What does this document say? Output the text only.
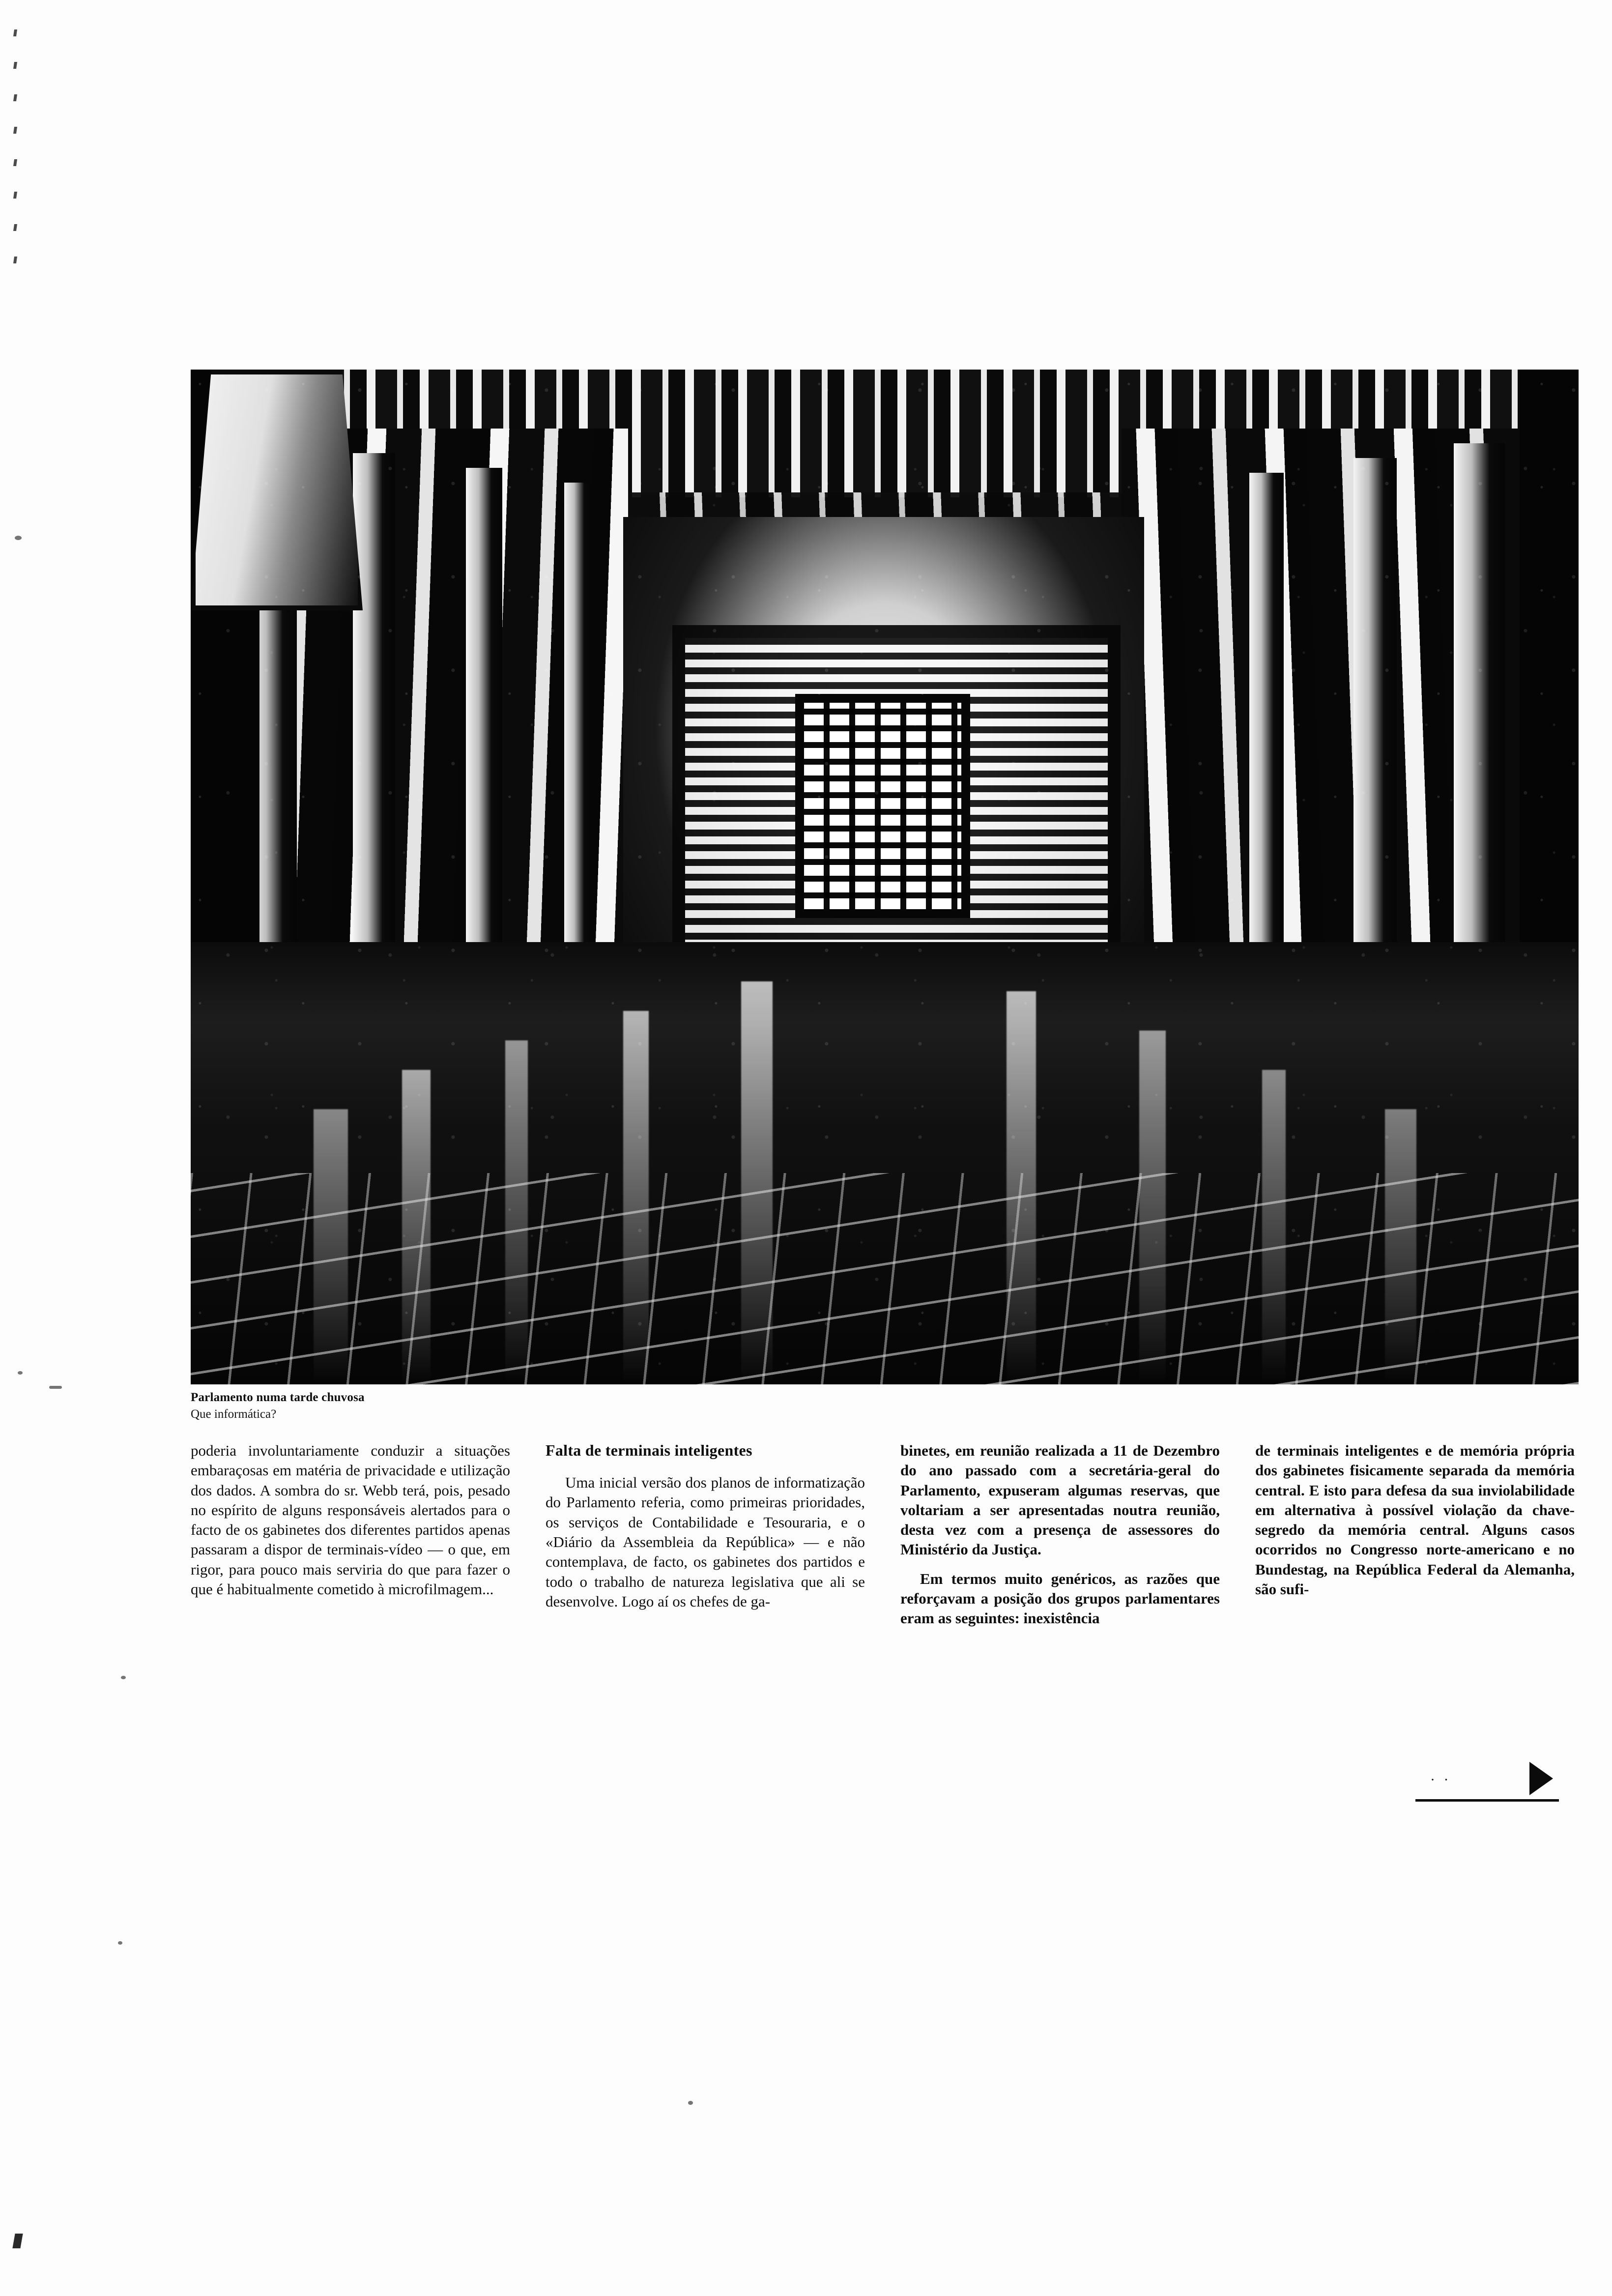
Parlamento numa tarde chuvosa
Que informática?

poderia involuntariamente conduzir a situações embaraçosas em matéria de privacidade e utilização dos dados. A sombra do sr. Webb terá, pois, pesado no espírito de alguns responsáveis alertados para o facto de os gabinetes dos diferentes partidos apenas passaram a dispor de terminais-vídeo — o que, em rigor, para pouco mais serviria do que para fazer o que é habitualmente cometido à microfilmagem...

Falta de terminais inteligentes

Uma inicial versão dos planos de informatização do Parlamento referia, como primeiras prioridades, os serviços de Contabilidade e Tesouraria, e o «Diário da Assembleia da República» — e não contemplava, de facto, os gabinetes dos partidos e todo o trabalho de natureza legislativa que ali se desenvolve. Logo aí os chefes de ga-

binetes, em reunião realizada a 11 de Dezembro do ano passado com a secretária-geral do Parlamento, expuseram algumas reservas, que voltariam a ser apresentadas noutra reunião, desta vez com a presença de assessores do Ministério da Justiça.

Em termos muito genéricos, as razões que reforçavam a posição dos grupos parlamentares eram as seguintes: inexistência

de terminais inteligentes e de memória própria dos gabinetes fisicamente separada da memória central. E isto para defesa da sua inviolabilidade em alternativa à possível violação da chave-segredo da memória central. Alguns casos ocorridos no Congresso norte-americano e no Bundestag, na República Federal da Alemanha, são sufi-

· ·
